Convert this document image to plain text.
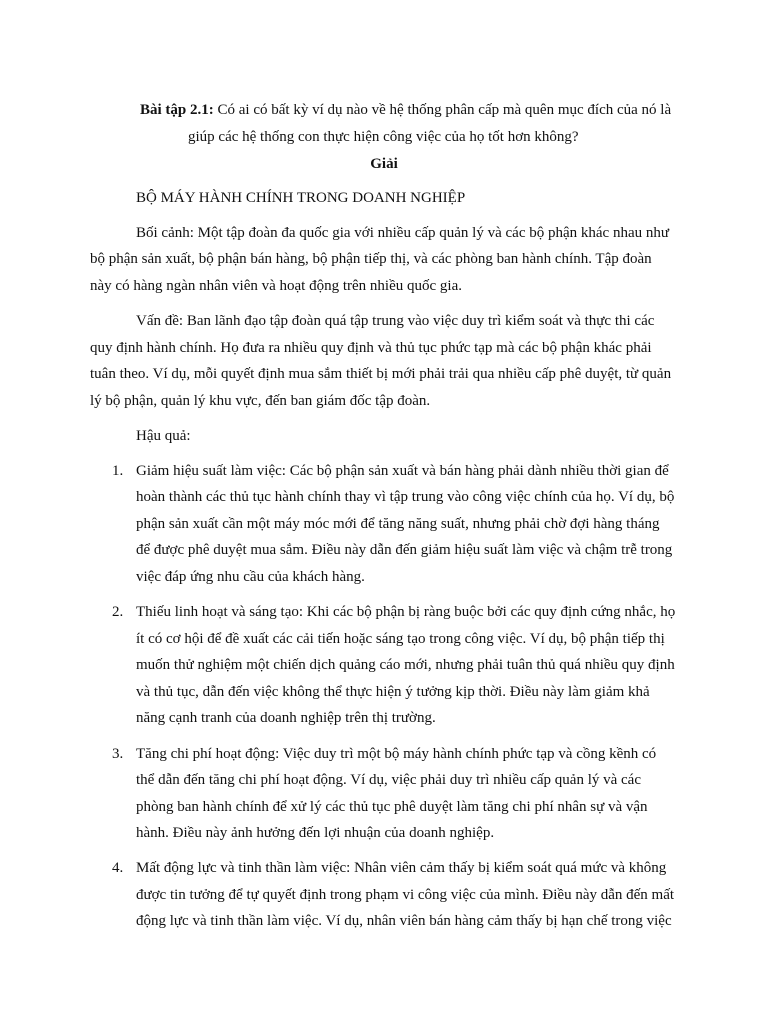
Bài tập 2.1: Có ai có bất kỳ ví dụ nào về hệ thống phân cấp mà quên mục đích của nó là
giúp các hệ thống con thực hiện công việc của họ tốt hơn không?
Giải
BỘ MÁY HÀNH CHÍNH TRONG DOANH NGHIỆP
Bối cảnh: Một tập đoàn đa quốc gia với nhiều cấp quản lý và các bộ phận khác nhau như
bộ phận sản xuất, bộ phận bán hàng, bộ phận tiếp thị, và các phòng ban hành chính. Tập đoàn
này có hàng ngàn nhân viên và hoạt động trên nhiều quốc gia.
Vấn đề: Ban lãnh đạo tập đoàn quá tập trung vào việc duy trì kiểm soát và thực thi các
quy định hành chính. Họ đưa ra nhiều quy định và thủ tục phức tạp mà các bộ phận khác phải
tuân theo. Ví dụ, mỗi quyết định mua sắm thiết bị mới phải trải qua nhiều cấp phê duyệt, từ quản
lý bộ phận, quản lý khu vực, đến ban giám đốc tập đoàn.
Hậu quả:
1. Giảm hiệu suất làm việc: Các bộ phận sản xuất và bán hàng phải dành nhiều thời gian để
hoàn thành các thủ tục hành chính thay vì tập trung vào công việc chính của họ. Ví dụ, bộ
phận sản xuất cần một máy móc mới để tăng năng suất, nhưng phải chờ đợi hàng tháng
để được phê duyệt mua sắm. Điều này dẫn đến giảm hiệu suất làm việc và chậm trễ trong
việc đáp ứng nhu cầu của khách hàng.
2. Thiếu linh hoạt và sáng tạo: Khi các bộ phận bị ràng buộc bởi các quy định cứng nhắc, họ
ít có cơ hội để đề xuất các cải tiến hoặc sáng tạo trong công việc. Ví dụ, bộ phận tiếp thị
muốn thử nghiệm một chiến dịch quảng cáo mới, nhưng phải tuân thủ quá nhiều quy định
và thủ tục, dẫn đến việc không thể thực hiện ý tưởng kịp thời. Điều này làm giảm khả
năng cạnh tranh của doanh nghiệp trên thị trường.
3. Tăng chi phí hoạt động: Việc duy trì một bộ máy hành chính phức tạp và cồng kềnh có
thể dẫn đến tăng chi phí hoạt động. Ví dụ, việc phải duy trì nhiều cấp quản lý và các
phòng ban hành chính để xử lý các thủ tục phê duyệt làm tăng chi phí nhân sự và vận
hành. Điều này ảnh hưởng đến lợi nhuận của doanh nghiệp.
4. Mất động lực và tinh thần làm việc: Nhân viên cảm thấy bị kiểm soát quá mức và không
được tin tưởng để tự quyết định trong phạm vi công việc của mình. Điều này dẫn đến mất
động lực và tinh thần làm việc. Ví dụ, nhân viên bán hàng cảm thấy bị hạn chế trong việc
